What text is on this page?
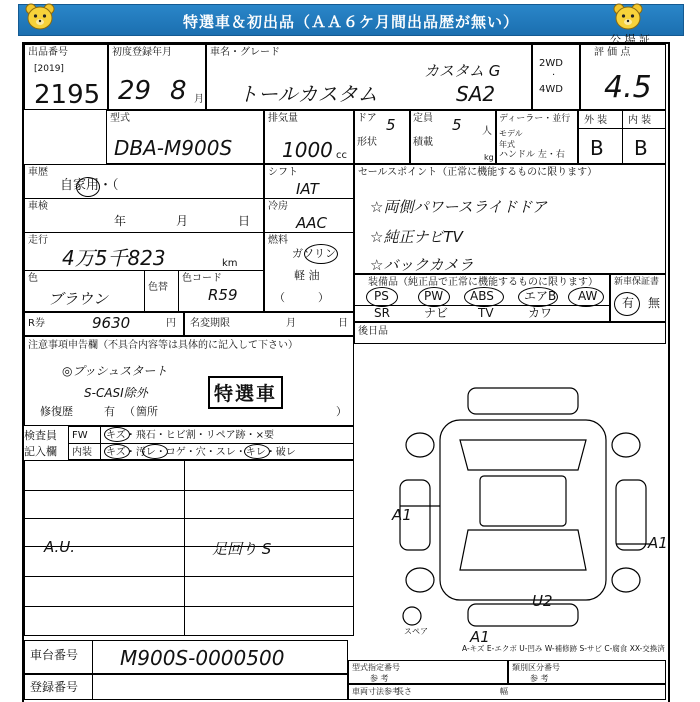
特選車＆初出品（ＡＡ６ケ月間出品歴が無い）
公 場 証
出品番号
[2019]
2195
初度登録年月
29 8 月
車名・グレード
トールカスタム
カスタム G
SA2
2WD
·
4WD
評 価 点
4.5
型式
DBA-M900S
排気量
1000 cc
ドア 5
形状
定員 5 人
積載
kg
ディーラー・並行
モデル年式
ハンドル 左・右
外 装 内 装
B B
車歴
自家用・（
車検
年	月	日
走行
4万5千823	km
色
ブラウン
色替
色コード
R59
シフト
IAT
冷房
AAC
燃料
ガソリン
軽 油
（　　　）
セールスポイント（正常に機能するものに限ります）
☆両側パワースライドドア
☆純正ナビTV
☆バックカメラ
装備品（純正品で正常に機能するものに限ります）
PS	PW ABS	エアB AW
SR	ナビ TV	カワ
新車保証書
有 無
R券	9630	円 名変期限	月	日
後日品
注意事項申告欄（不具合内容等は具体的に記入して下さい）
◎プッシュスタート
S-CASI除外	特選車
修復歴	有 （ 箇所	）
検査員 記入欄
FW キズ・飛石・ヒビ割・リペア跡・×要
内装 キズ・汚レ・コゲ・穴・スレ・キレ・破レ
A.U.	足回り S
A1
A1
A1
U2
スペア
A-キズ E-エクボ U-凹み W-補修跡 S-サビ C-腐食 XX-交換済
車台番号 M900S-0000500
登録番号
型式指定番号
参 考
類別区分番号
参 考
車両寸法参考
長さ	幅
